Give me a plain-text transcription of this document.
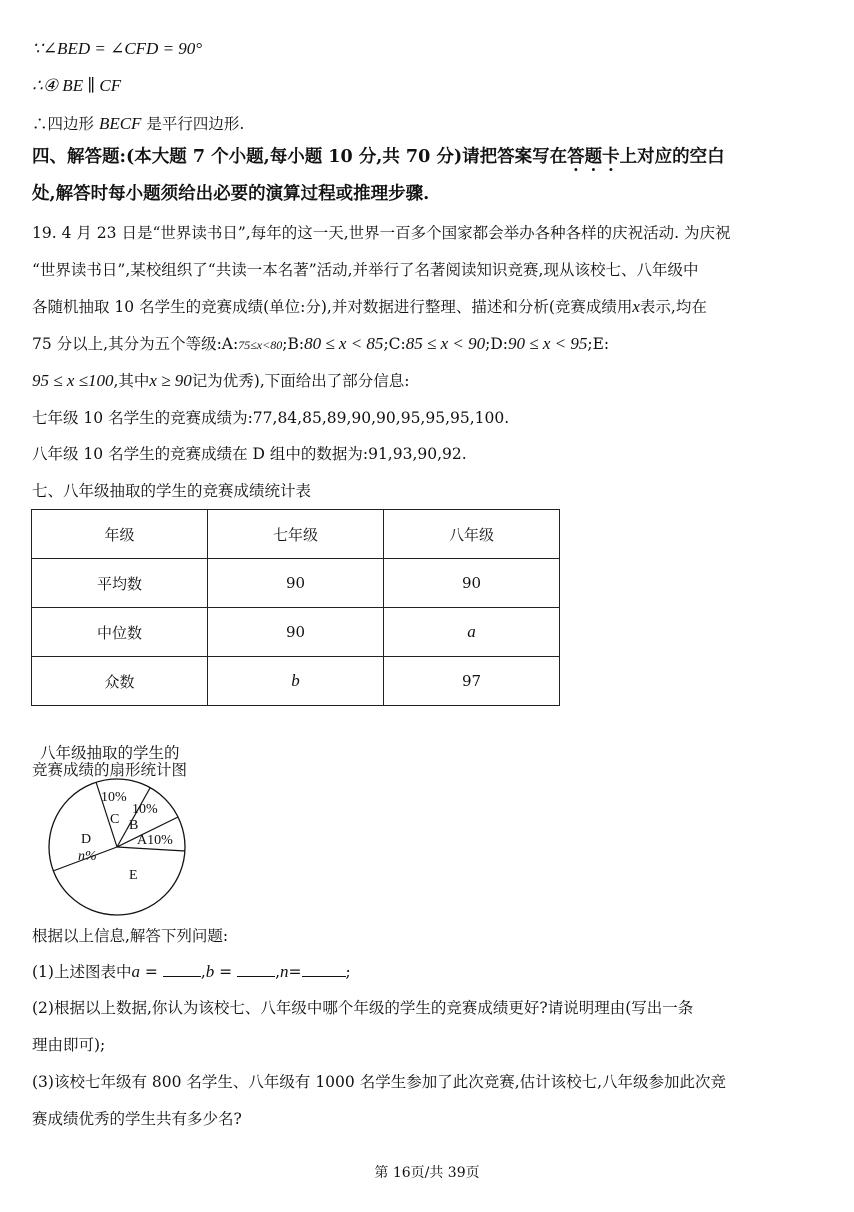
∵∠BED = ∠CFD = 90°
∴④ BE ∥ CF
∴四边形 BECF 是平行四边形.
四、解答题:(本大题 7 个小题,每小题 10 分,共 70 分)请把答案写在答题卡上对应的空白
处,解答时每小题须给出必要的演算过程或推理步骤.
19. 4 月 23 日是“世界读书日”,每年的这一天,世界一百多个国家都会举办各种各样的庆祝活动. 为庆祝
“世界读书日”,某校组织了“共读一本名著”活动,并举行了名著阅读知识竞赛,现从该校七、八年级中
各随机抽取 10 名学生的竞赛成绩(单位:分),并对数据进行整理、描述和分析(竞赛成绩用x表示,均在
75 分以上,其分为五个等级:A:75≤x<80;B:80 ≤ x < 85;C:85 ≤ x < 90;D:90 ≤ x < 95;E:
95 ≤ x ≤100,其中x ≥ 90记为优秀),下面给出了部分信息:
七年级 10 名学生的竞赛成绩为:77,84,85,89,90,90,95,95,95,100.
八年级 10 名学生的竞赛成绩在 D 组中的数据为:91,93,90,92.
七、八年级抽取的学生的竞赛成绩统计表
年级	七年级	八年级
平均数	90	90
中位数	90	a
众数	b	97
八年级抽取的学生的
竞赛成绩的扇形统计图
10%
10%
C B
A10%
D
n%
E
根据以上信息,解答下列问题:
(1)上述图表中a = ,b = ,n=	;
(2)根据以上数据,你认为该校七、八年级中哪个年级的学生的竞赛成绩更好?请说明理由(写出一条
理由即可);
(3)该校七年级有 800 名学生、八年级有 1000 名学生参加了此次竞赛,估计该校七,八年级参加此次竞
赛成绩优秀的学生共有多少名?
第 16页/共 39页
